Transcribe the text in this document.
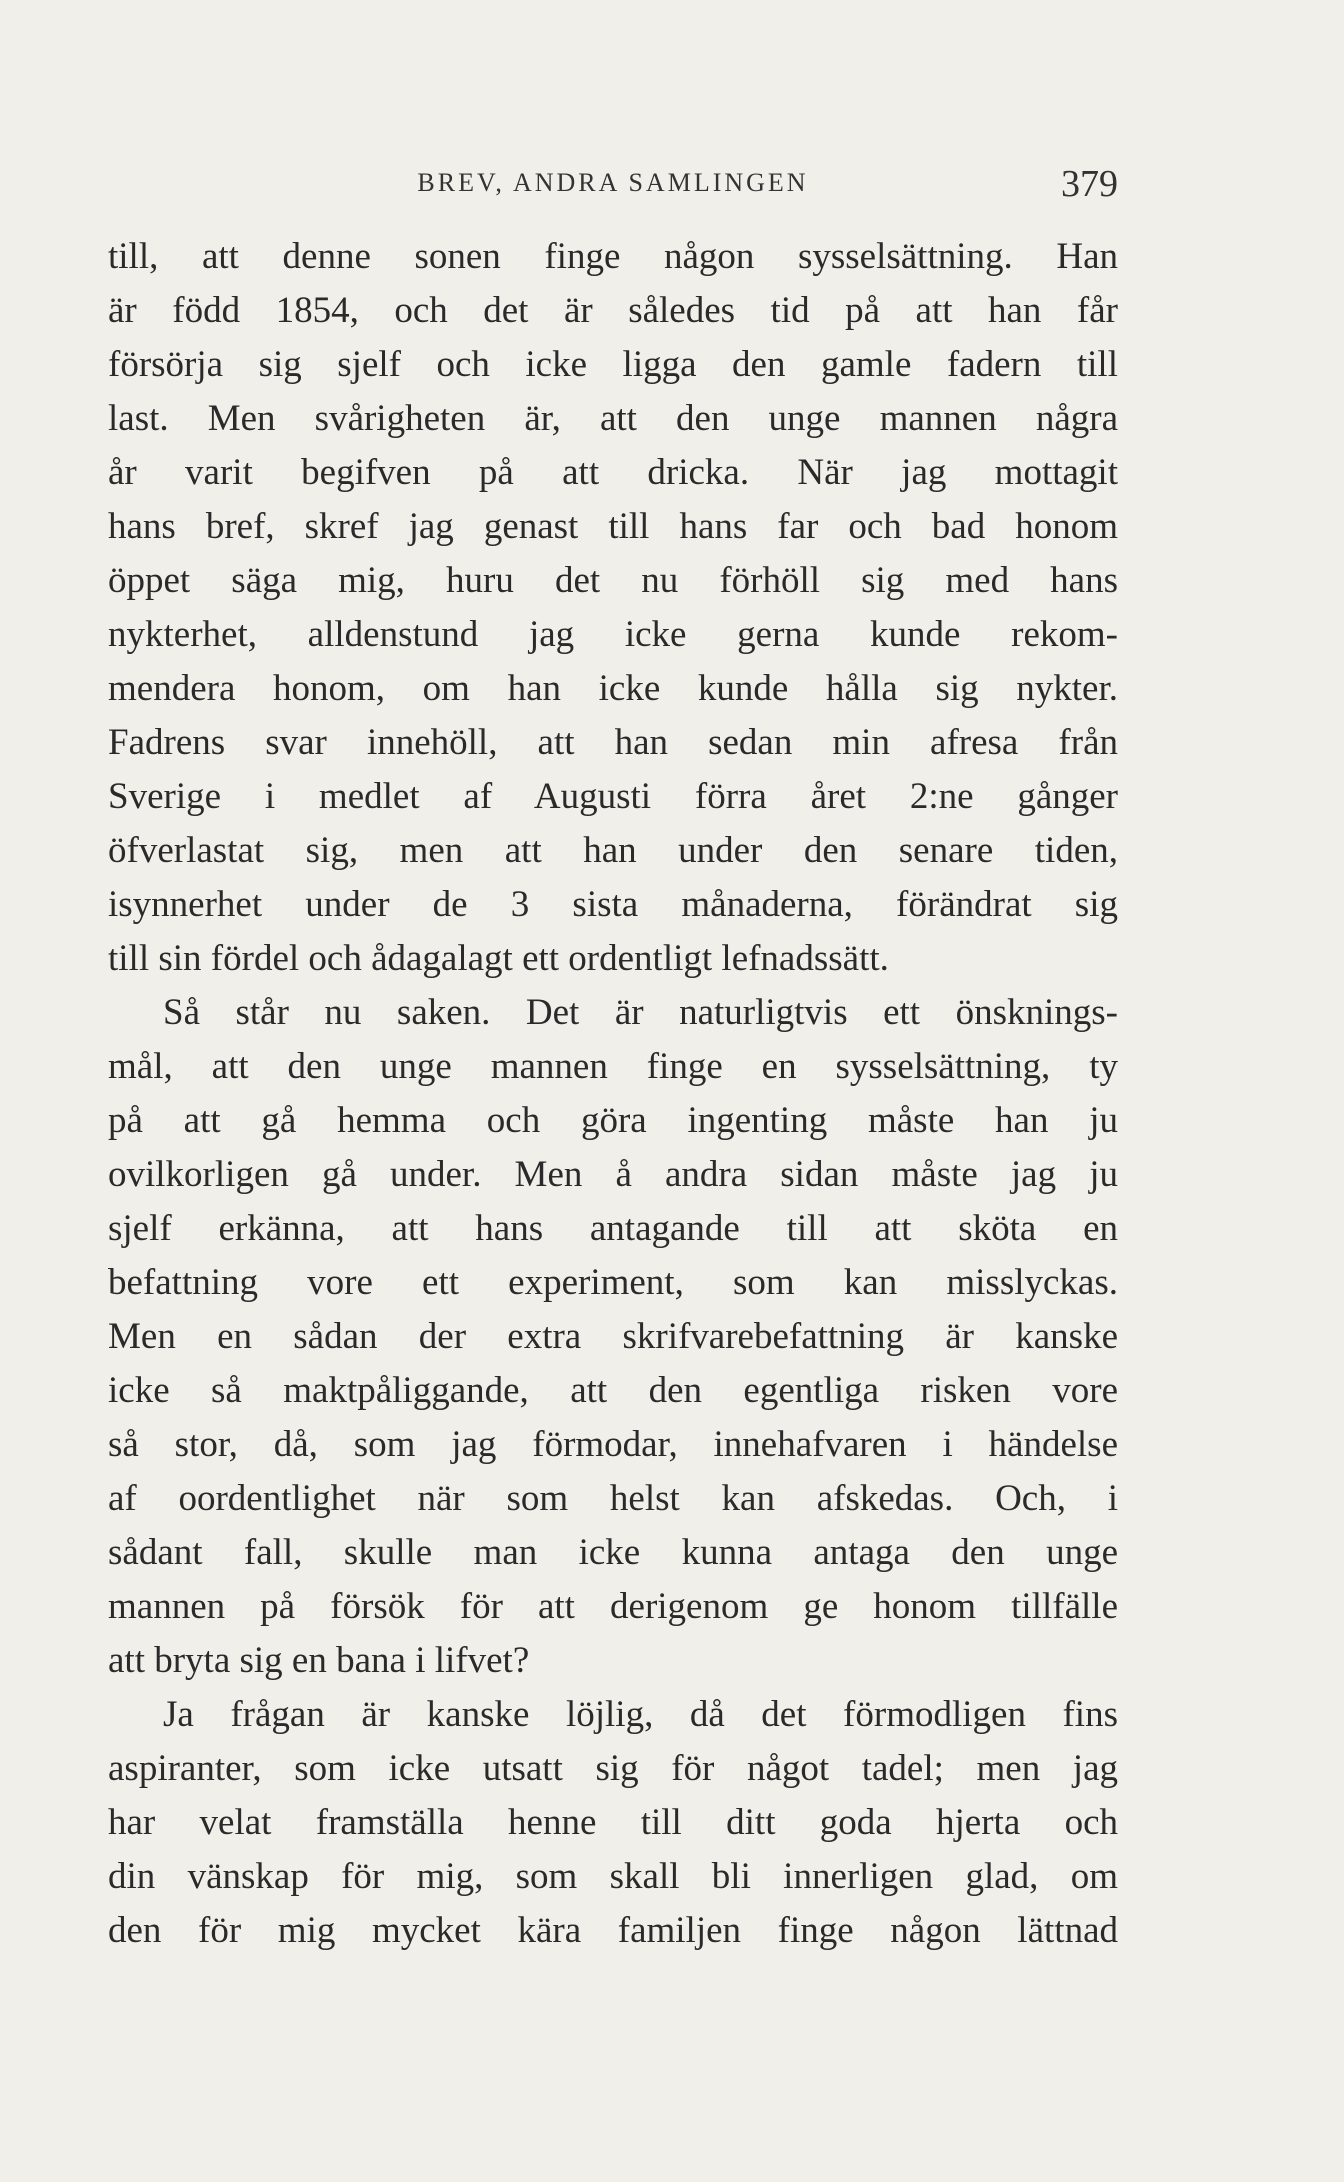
BREV, ANDRA SAMLINGEN	379
till, att denne sonen finge någon sysselsättning. Han
är född 1854, och det är således tid på att han får
försörja sig sjelf och icke ligga den gamle fadern till
last. Men svårigheten är, att den unge mannen några
år varit begifven på att dricka. När jag mottagit
hans bref, skref jag genast till hans far och bad honom
öppet säga mig, huru det nu förhöll sig med hans
nykterhet, alldenstund jag icke gerna kunde rekom-
mendera honom, om han icke kunde hålla sig nykter.
Fadrens svar innehöll, att han sedan min afresa från
Sverige i medlet af Augusti förra året 2:ne gånger
öfverlastat sig, men att han under den senare tiden,
isynnerhet under de 3 sista månaderna, förändrat sig
till sin fördel och ådagalagt ett ordentligt lefnadssätt.
Så står nu saken. Det är naturligtvis ett önsknings-
mål, att den unge mannen finge en sysselsättning, ty
på att gå hemma och göra ingenting måste han ju
ovilkorligen gå under. Men å andra sidan måste jag ju
sjelf erkänna, att hans antagande till att sköta en
befattning vore ett experiment, som kan misslyckas.
Men en sådan der extra skrifvarebefattning är kanske
icke så maktpåliggande, att den egentliga risken vore
så stor, då, som jag förmodar, innehafvaren i händelse
af oordentlighet när som helst kan afskedas. Och, i
sådant fall, skulle man icke kunna antaga den unge
mannen på försök för att derigenom ge honom tillfälle
att bryta sig en bana i lifvet?
Ja frågan är kanske löjlig, då det förmodligen fins
aspiranter, som icke utsatt sig för något tadel; men jag
har velat framställa henne till ditt goda hjerta och
din vänskap för mig, som skall bli innerligen glad, om
den för mig mycket kära familjen finge någon lättnad
